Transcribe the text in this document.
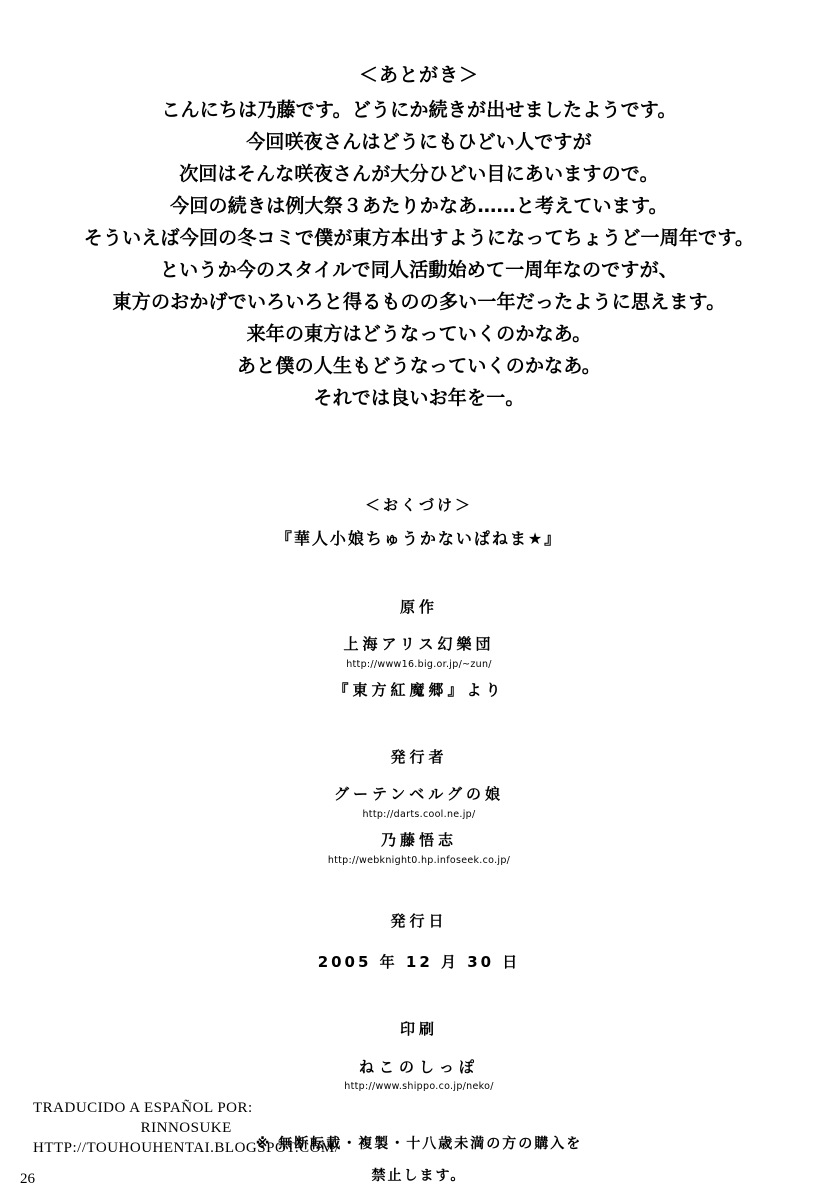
＜あとがき＞
こんにちは乃藤です。どうにか続きが出せましたようです。
今回咲夜さんはどうにもひどい人ですが
次回はそんな咲夜さんが大分ひどい目にあいますので。
今回の続きは例大祭３あたりかなあ……と考えています。
そういえば今回の冬コミで僕が東方本出すようになってちょうど一周年です。
というか今のスタイルで同人活動始めて一周年なのですが、
東方のおかげでいろいろと得るものの多い一年だったように思えます。
来年の東方はどうなっていくのかなあ。
あと僕の人生もどうなっていくのかなあ。
それでは良いお年を一。
＜おくづけ＞
『華人小娘ちゅうかないぱねま★』
原作
上海アリス幻樂団
http://www16.big.or.jp/~zun/
『東方紅魔郷』より
発行者
グーテンベルグの娘
http://darts.cool.ne.jp/
乃藤悟志
http://webknight0.hp.infoseek.co.jp/
発行日
2005 年 12 月 30 日
印刷
ねこのしっぽ
http://www.shippo.co.jp/neko/
※ 無断転載・複製・十八歳未満の方の購入を
禁止します。
TRADUCIDO A ESPAÑOL POR:
RINNOSUKE
HTTP://TOUHOUHENTAI.BLOGSPOT.COM/
26
